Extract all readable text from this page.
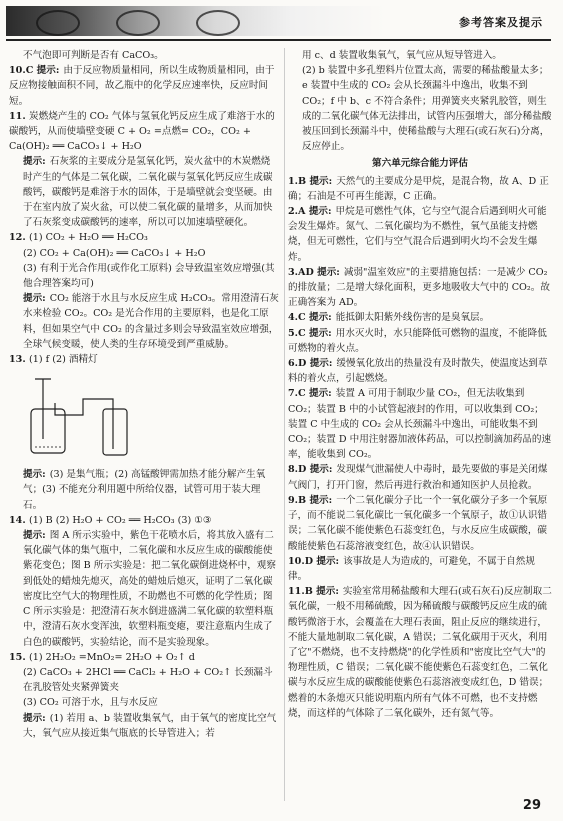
参考答案及提示

不气泡即可判断是否有 CaCO₃。

10.C 提示: 由于反应物质量相同，所以生成物质量相同，由于反应物接触面积不同，故乙瓶中的化学反应速率快，反应时间短。

11. 炭燃烧产生的 CO₂ 气体与氢氧化钙反应生成了难溶于水的碳酸钙，从而使墙壁变硬 C + O₂ =点燃= CO₂，CO₂ + Ca(OH)₂ ══ CaCO₃↓ + H₂O

提示: 石灰浆的主要成分是氢氧化钙，炭火盆中的木炭燃烧时产生的气体是二氧化碳，二氧化碳与氢氧化钙反应生成碳酸钙，碳酸钙是难溶于水的固体，于是墙壁就会变坚硬。由于在室内放了炭火盆，可以使二氧化碳的量增多，从而加快了石灰浆变成碳酸钙的速率，所以可以加速墙壁硬化。

12. (1) CO₂ + H₂O ══ H₂CO₃

(2) CO₂ + Ca(OH)₂ ══ CaCO₃↓ + H₂O

(3) 有利于光合作用(或作化工原料) 会导致温室效应增强(其他合理答案均可)

提示: CO₂ 能溶于水且与水反应生成 H₂CO₃。常用澄清石灰水来检验 CO₂。CO₂ 是光合作用的主要原料，也是化工原料，但如果空气中 CO₂ 的含量过多则会导致温室效应增强，全球气候变暖，使人类的生存环境受到严重威胁。

13. (1) f (2) 酒精灯

提示: (3) 是集气瓶；(2) 高锰酸钾需加热才能分解产生氧气；(3) 不能充分利用题中所给仪器，试管可用于装大理石。

14. (1) B (2) H₂O + CO₂ ══ H₂CO₃ (3) ①③

提示: 图 A 所示实验中，紫色干花喷水后，将其放入盛有二氧化碳气体的集气瓶中，二氧化碳和水反应生成的碳酸能使紫花变色；图 B 所示实验是：把二氧化碳倒进烧杯中，观察到低处的蜡烛先熄灭，高处的蜡烛后熄灭，证明了二氧化碳密度比空气大的物理性质，不助燃也不可燃的化学性质；图 C 所示实验是：把澄清石灰水倒进盛满二氧化碳的软塑料瓶中，澄清石灰水变浑浊，软塑料瓶变瘪，要注意瓶内生成了白色的碳酸钙，实验结论，而不是实验现象。

15. (1) 2H₂O₂ =MnO₂= 2H₂O + O₂↑ d

(2) CaCO₃ + 2HCl ══ CaCl₂ + H₂O + CO₂↑ 长颈漏斗 在乳胶管处夹紧弹簧夹

(3) CO₂ 可溶于水，且与水反应

提示: (1) 若用 a、b 装置收集氧气，由于氧气的密度比空气大，氧气应从接近集气瓶底的长导管进入；若

用 c、d 装置收集氧气，氧气应从短导管进入。

(2) b 装置中多孔塑料片位置太高，需要的稀盐酸量太多；e 装置中生成的 CO₂ 会从长颈漏斗中逸出，收集不到 CO₂；f 中 b、c 不符合条件；用弹簧夹夹紧乳胶管，则生成的二氧化碳气体无法排出，试管内压强增大，部分稀盐酸被压回到长颈漏斗中，使稀盐酸与大理石(或石灰石)分离，反应停止。

第六单元综合能力评估

1.B 提示: 天然气的主要成分是甲烷，是混合物，故 A、D 正确；石油是不可再生能源，C 正确。

2.A 提示: 甲烷是可燃性气体，它与空气混合后遇到明火可能会发生爆炸。氮气、二氧化碳均为不燃性，氧气虽能支持燃烧，但无可燃性，它们与空气混合后遇到明火均不会发生爆炸。

3.AD 提示: 减弱"温室效应"的主要措施包括：一是减少 CO₂ 的排放量；二是增大绿化面积，更多地吸收大气中的 CO₂。故正确答案为 AD。

4.C 提示: 能抵御太阳紫外线伤害的是臭氧层。

5.C 提示: 用水灭火时，水只能降低可燃物的温度，不能降低可燃物的着火点。

6.D 提示: 缓慢氧化放出的热量没有及时散失，使温度达到草料的着火点，引起燃烧。

7.C 提示: 装置 A 可用于制取少量 CO₂，但无法收集到 CO₂；装置 B 中的小试管起液封的作用，可以收集到 CO₂；装置 C 中生成的 CO₂ 会从长颈漏斗中逸出，可能收集不到 CO₂；装置 D 中用注射器加液体药品，可以控制滴加药品的速率，能收集到 CO₂。

8.D 提示: 发现煤气泄漏使人中毒时，最先要做的事是关闭煤气阀门，打开门窗，然后再进行救治和通知医护人员抢救。

9.B 提示: 一个二氧化碳分子比一个一氧化碳分子多一个氧原子，而不能说二氧化碳比一氧化碳多一个氧原子，故①认识错误；二氧化碳不能使紫色石蕊变红色，与水反应生成碳酸，碳酸能使紫色石蕊溶液变红色，故④认识错误。

10.D 提示: 该事故是人为造成的，可避免，不属于自然规律。

11.B 提示: 实验室常用稀盐酸和大理石(或石灰石)反应制取二氧化碳，一般不用稀硫酸，因为稀硫酸与碳酸钙反应生成的硫酸钙微溶于水，会覆盖在大理石表面，阻止反应的继续进行，不能大量地制取二氧化碳，A 错误；二氧化碳用于灭火，利用了它"不燃烧，也不支持燃烧"的化学性质和"密度比空气大"的物理性质，C 错误；二氧化碳不能使紫色石蕊变红色，二氧化碳与水反应生成的碳酸能使紫色石蕊溶液变成红色，D 错误；燃着的木条熄灭只能说明瓶内所有气体不可燃，也不支持燃烧，而这样的气体除了二氧化碳外，还有氮气等。

29
